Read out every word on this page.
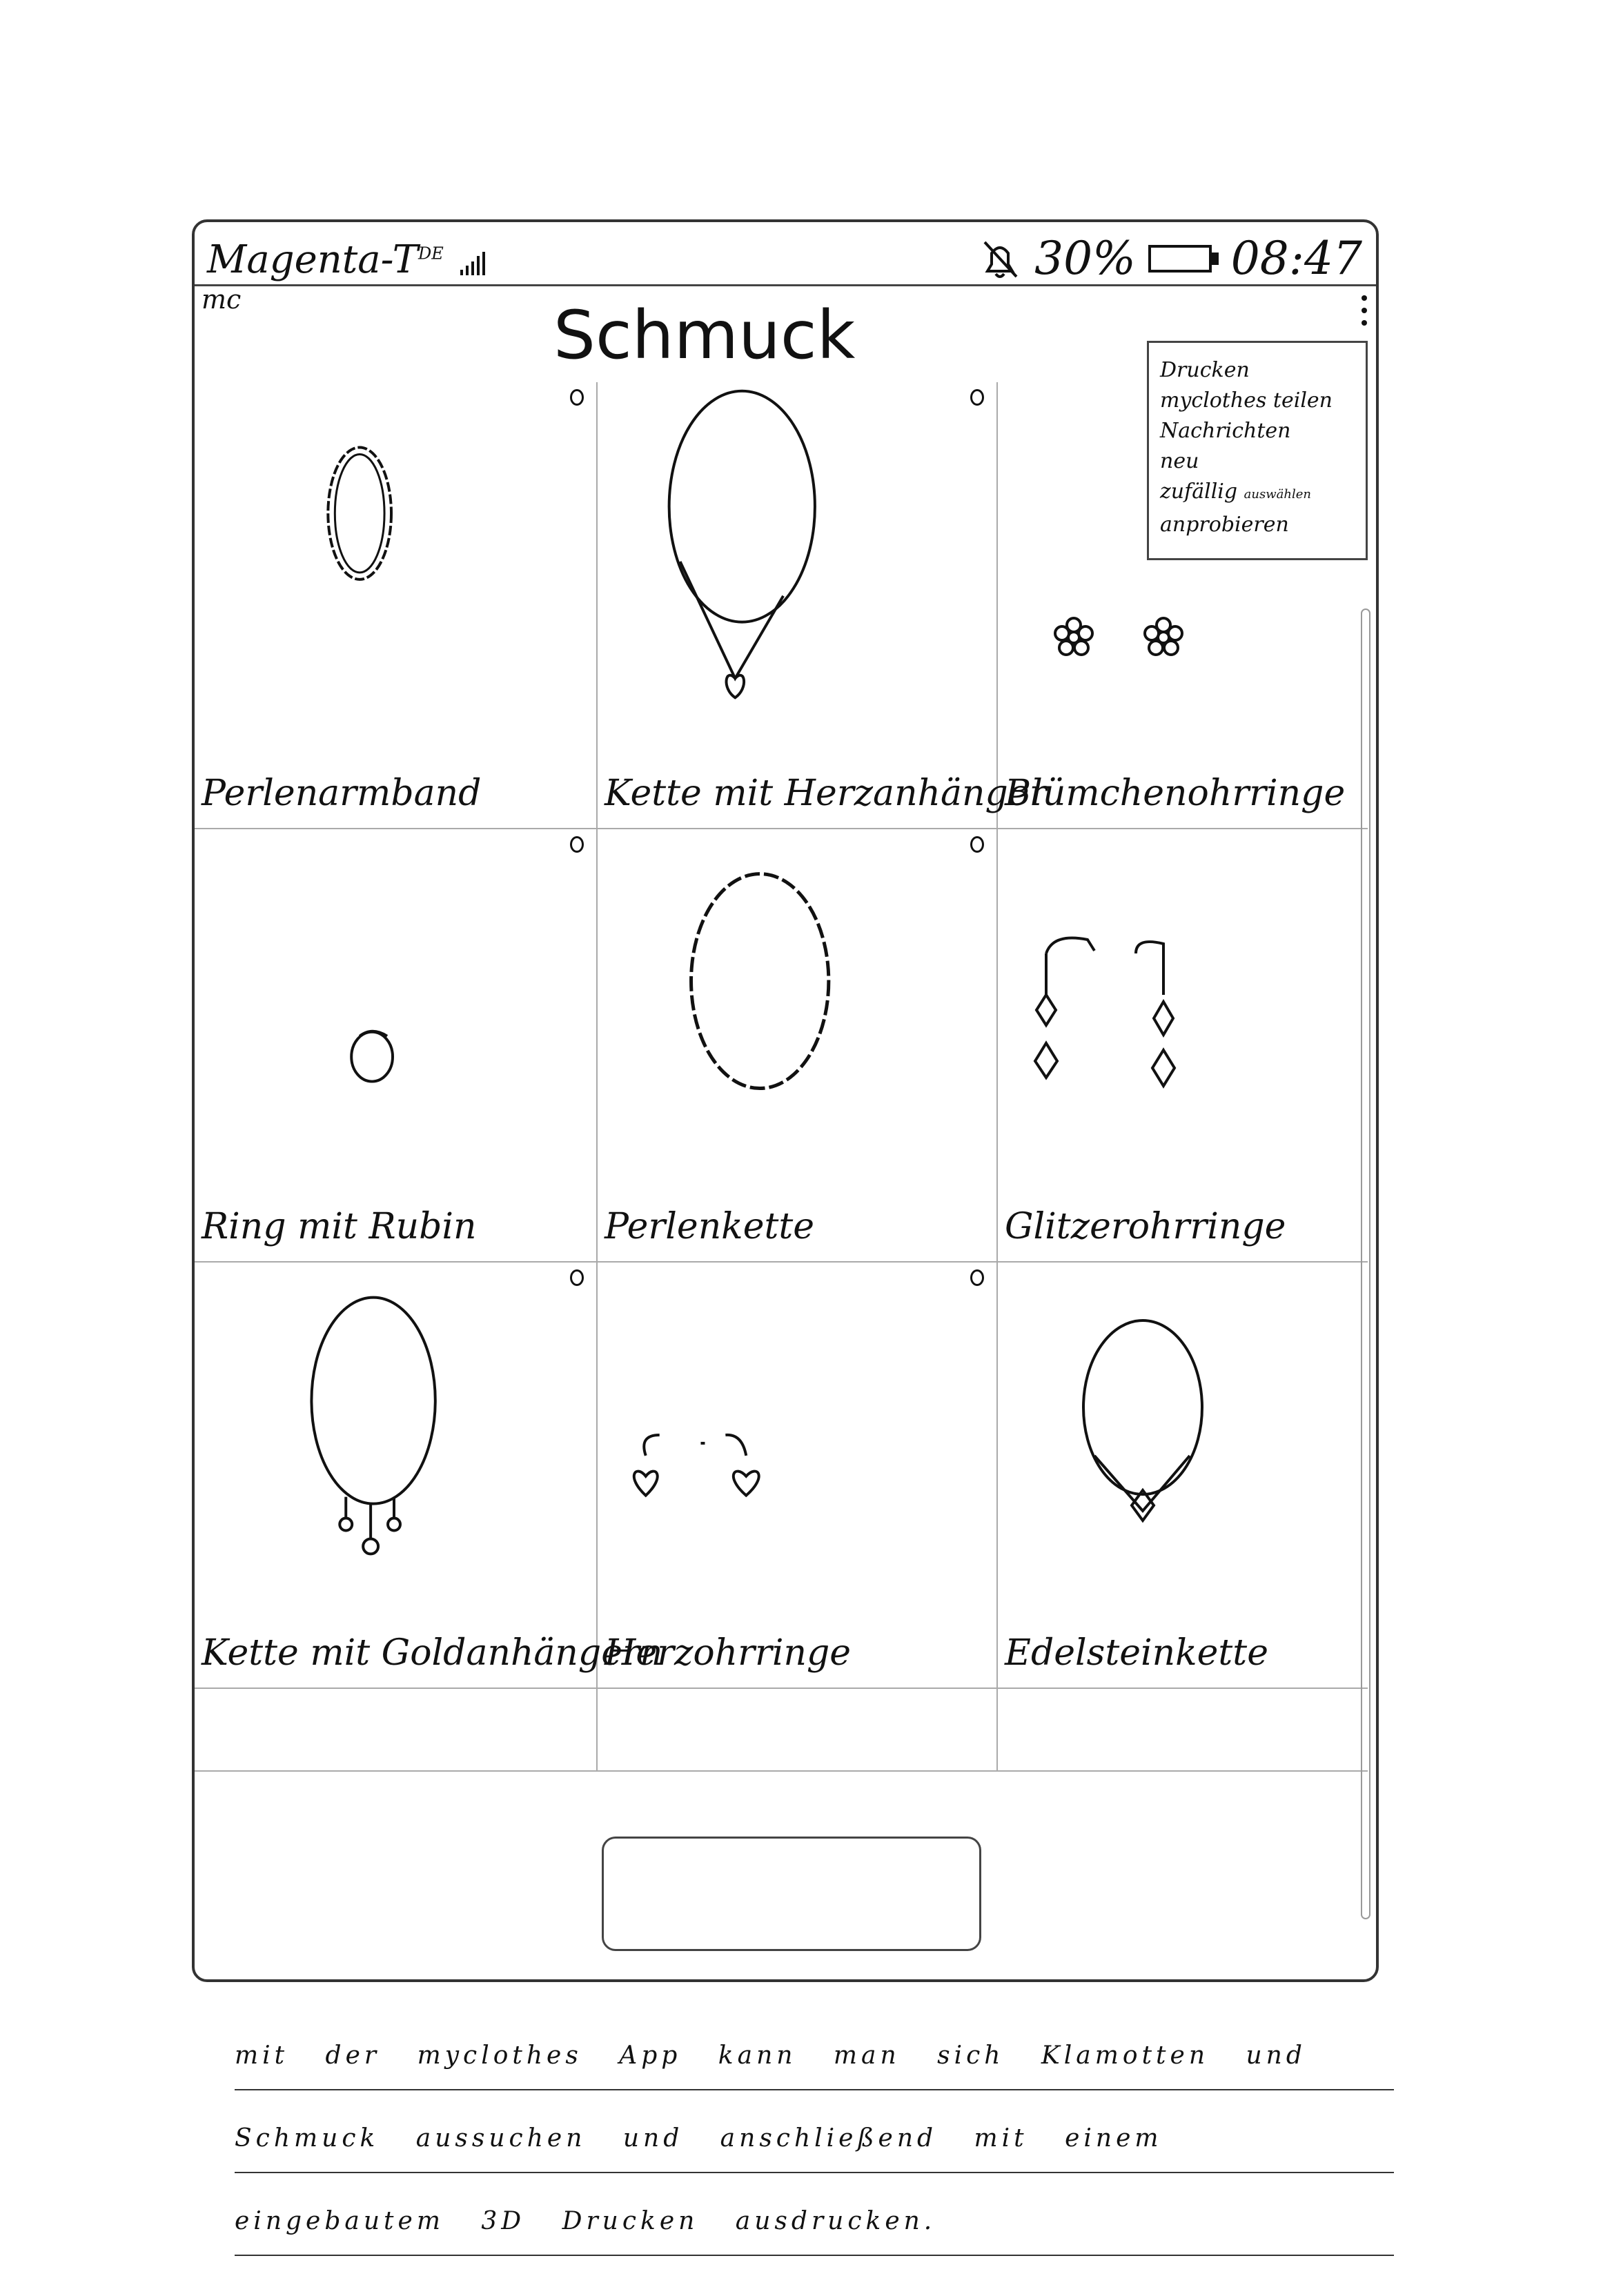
Magenta-$T^{DE}$	30% 08:47
mc	Schmuck	Drucken
myclothes teilen
Nachrichten
neu
zufällig auswählen
anprobieren
Perlenarmband	Kette mit Herzanhänger
Blümchenohrringe
Ring mit Rubin	Perlenkette	Glitzerohrringe
Kette mit Goldanhängern
Herzohrringe	Edelsteinkette
mit der myclothes App kann man sich Klamotten und Schmuck aussuchen und anschließend mit einem eingebautem 3D Drucken ausdrucken.
